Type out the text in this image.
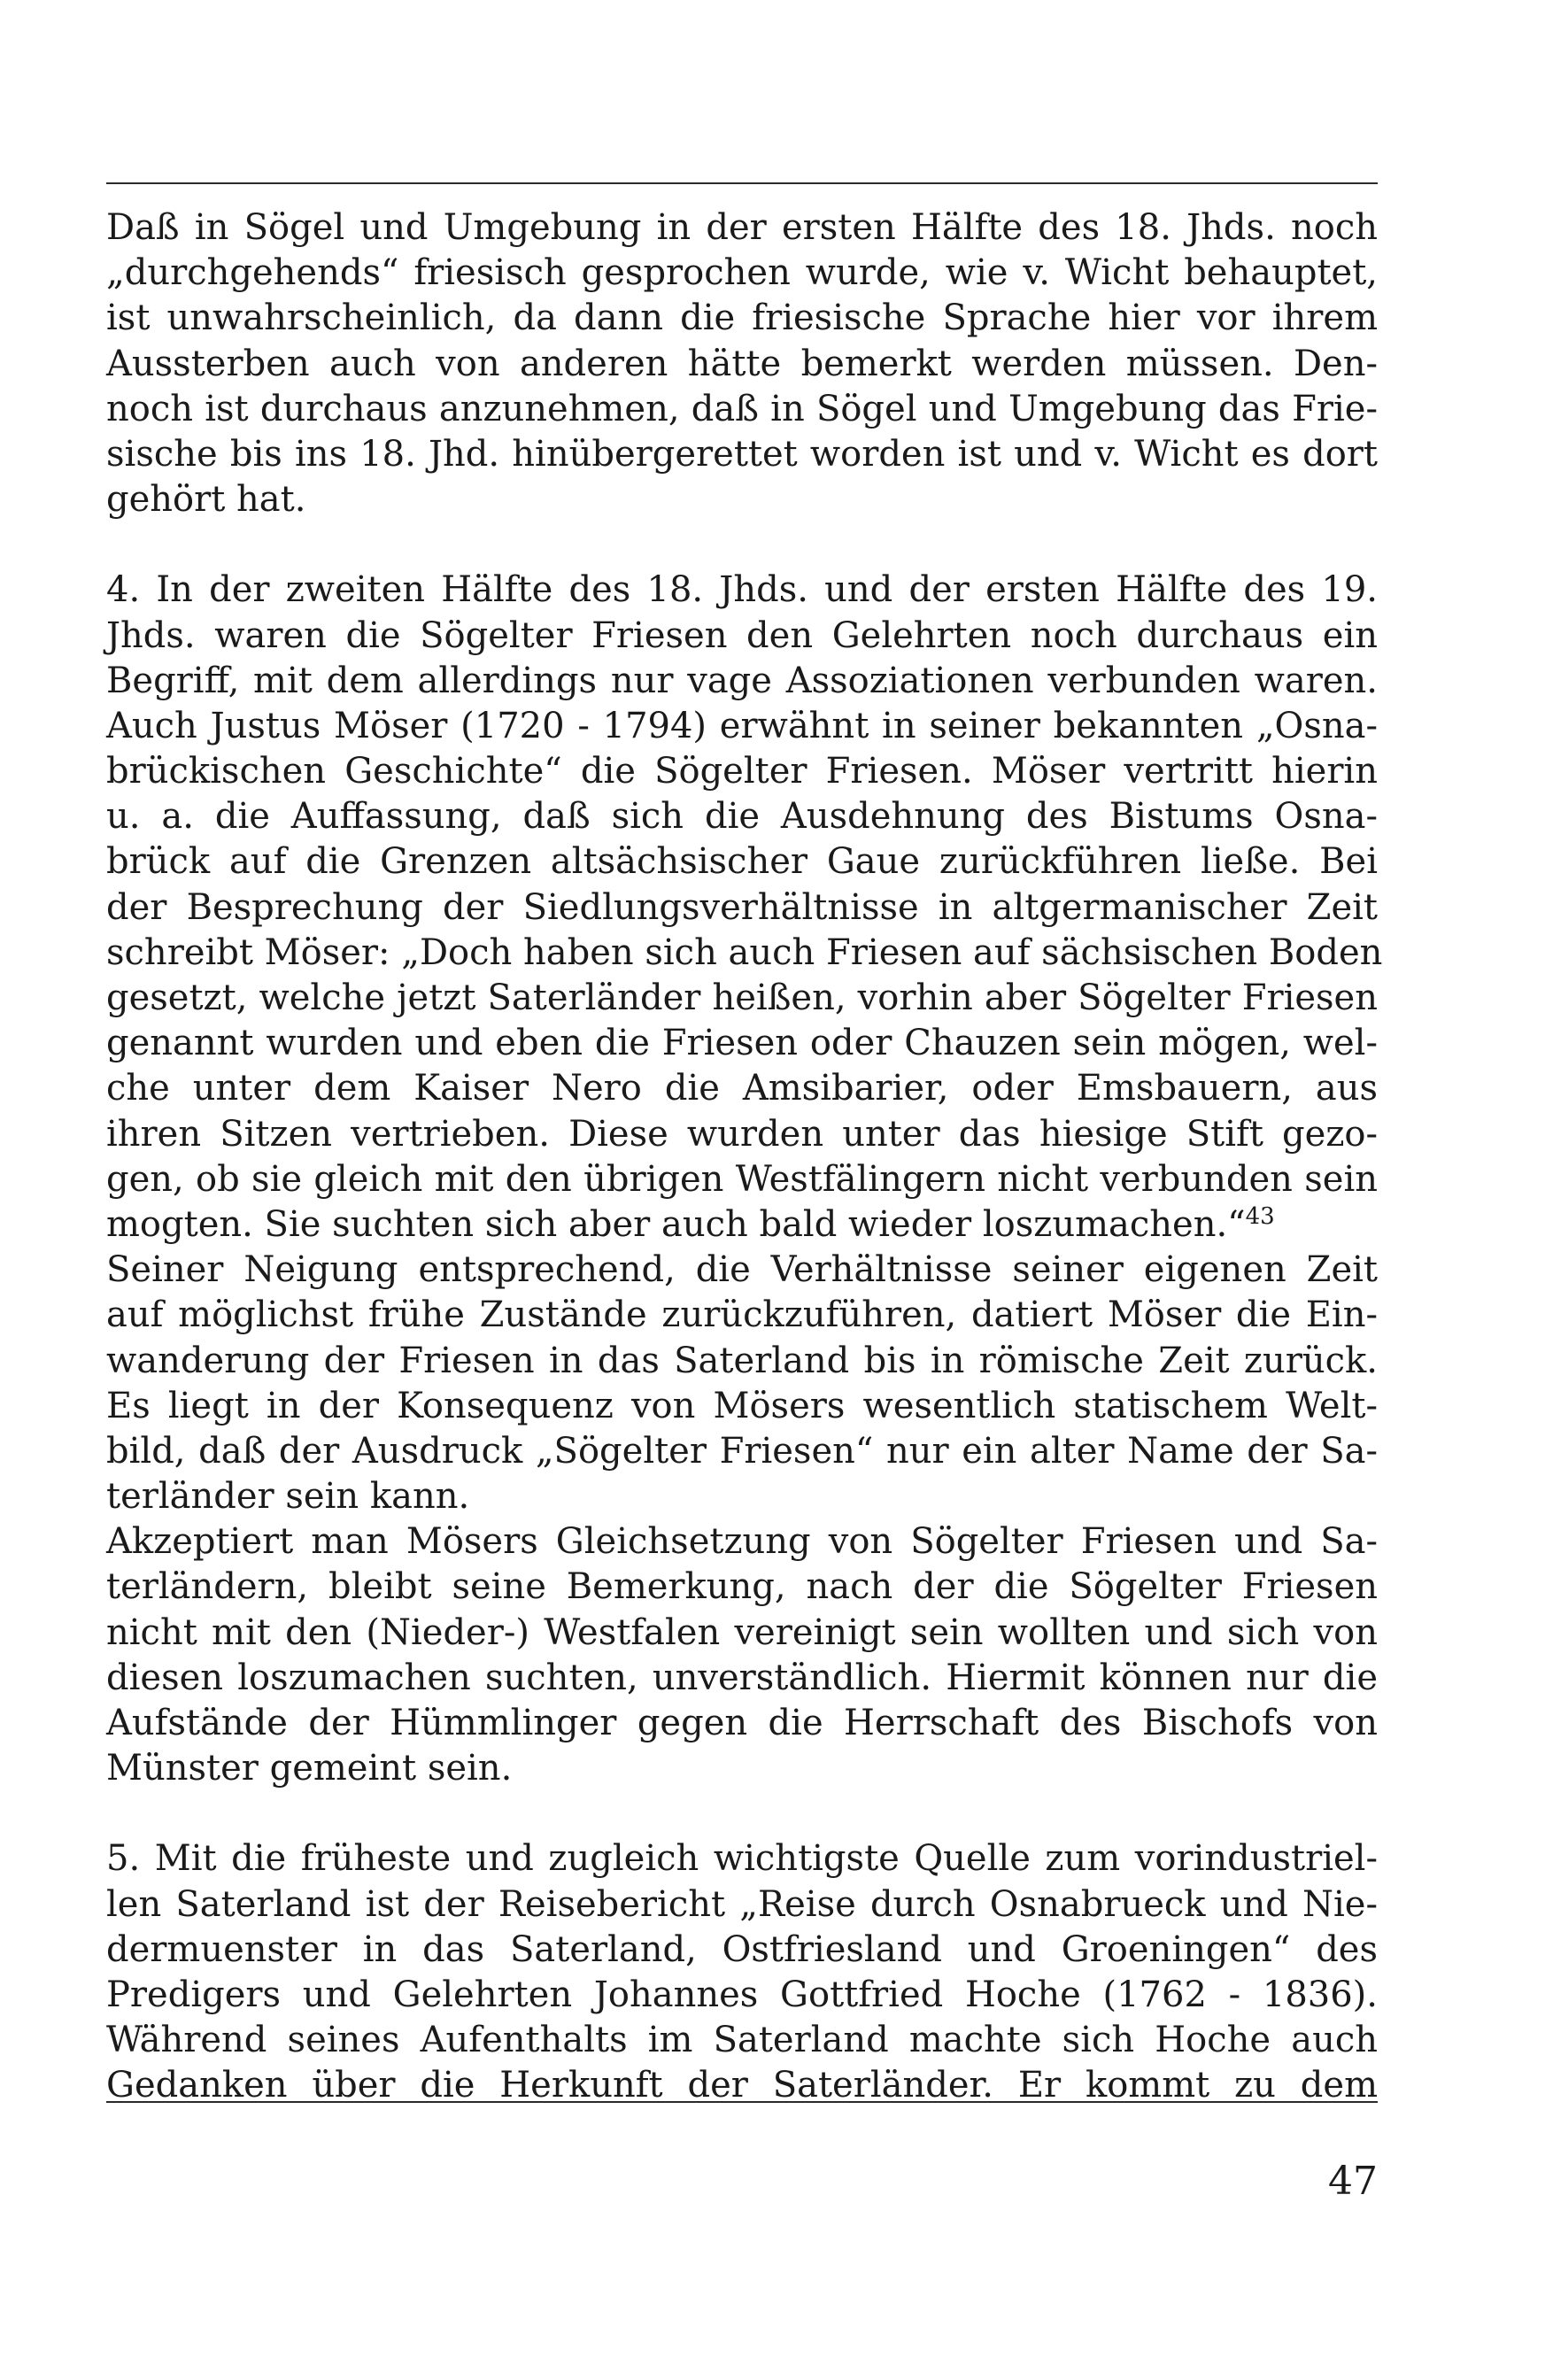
Daß in Sögel und Umgebung in der ersten Hälfte des 18. Jhds. noch
„durchgehends“ friesisch gesprochen wurde, wie v. Wicht behauptet,
ist unwahrscheinlich, da dann die friesische Sprache hier vor ihrem
Aussterben auch von anderen hätte bemerkt werden müssen. Den-
noch ist durchaus anzunehmen, daß in Sögel und Umgebung das Frie-
sische bis ins 18. Jhd. hinübergerettet worden ist und v. Wicht es dort
gehört hat.
4. In der zweiten Hälfte des 18. Jhds. und der ersten Hälfte des 19.
Jhds. waren die Sögelter Friesen den Gelehrten noch durchaus ein
Begriff, mit dem allerdings nur vage Assoziationen verbunden waren.
Auch Justus Möser (1720 - 1794) erwähnt in seiner bekannten „Osna-
brückischen Geschichte“ die Sögelter Friesen. Möser vertritt hierin
u. a. die Auffassung, daß sich die Ausdehnung des Bistums Osna-
brück auf die Grenzen altsächsischer Gaue zurückführen ließe. Bei
der Besprechung der Siedlungsverhältnisse in altgermanischer Zeit
schreibt Möser: „Doch haben sich auch Friesen auf sächsischen Boden
gesetzt, welche jetzt Saterländer heißen, vorhin aber Sögelter Friesen
genannt wurden und eben die Friesen oder Chauzen sein mögen, wel-
che unter dem Kaiser Nero die Amsibarier, oder Emsbauern, aus
ihren Sitzen vertrieben. Diese wurden unter das hiesige Stift gezo-
gen, ob sie gleich mit den übrigen Westfälingern nicht verbunden sein
mogten. Sie suchten sich aber auch bald wieder loszumachen.“$^{43}$
Seiner Neigung entsprechend, die Verhältnisse seiner eigenen Zeit
auf möglichst frühe Zustände zurückzuführen, datiert Möser die Ein-
wanderung der Friesen in das Saterland bis in römische Zeit zurück.
Es liegt in der Konsequenz von Mösers wesentlich statischem Welt-
bild, daß der Ausdruck „Sögelter Friesen“ nur ein alter Name der Sa-
terländer sein kann.
Akzeptiert man Mösers Gleichsetzung von Sögelter Friesen und Sa-
terländern, bleibt seine Bemerkung, nach der die Sögelter Friesen
nicht mit den (Nieder-) Westfalen vereinigt sein wollten und sich von
diesen loszumachen suchten, unverständlich. Hiermit können nur die
Aufstände der Hümmlinger gegen die Herrschaft des Bischofs von
Münster gemeint sein.
5. Mit die früheste und zugleich wichtigste Quelle zum vorindustriel-
len Saterland ist der Reisebericht „Reise durch Osnabrueck und Nie-
dermuenster in das Saterland, Ostfriesland und Groeningen“ des
Predigers und Gelehrten Johannes Gottfried Hoche (1762 - 1836).
Während seines Aufenthalts im Saterland machte sich Hoche auch
Gedanken über die Herkunft der Saterländer. Er kommt zu dem
47
